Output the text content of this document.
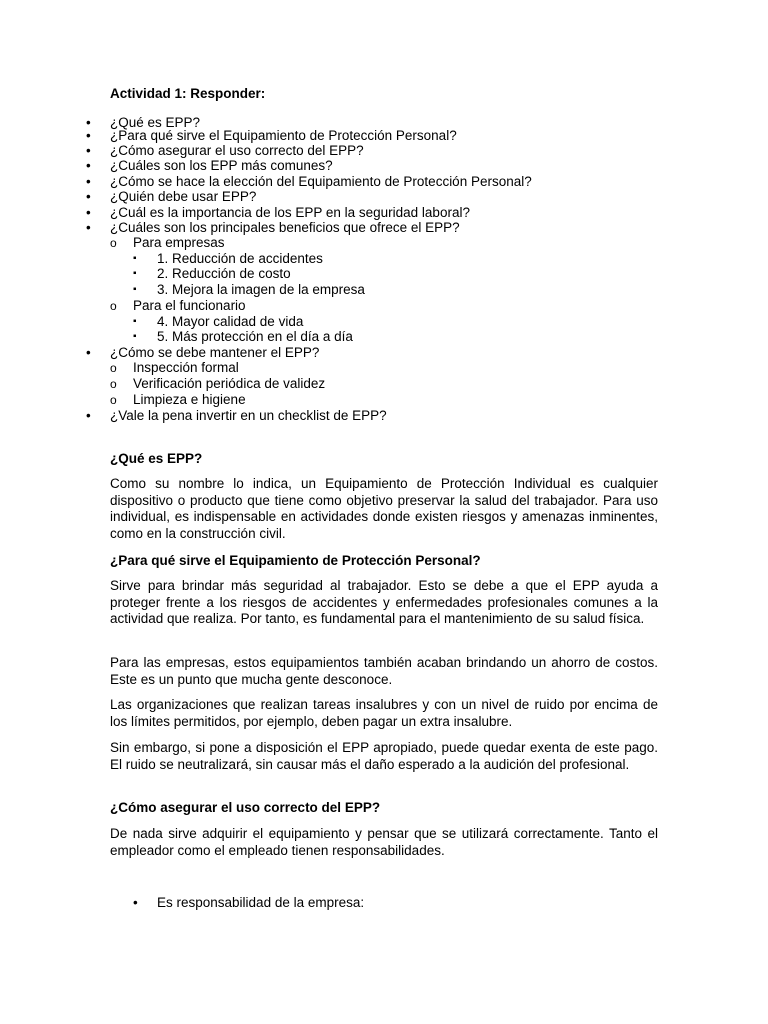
Actividad 1: Responder:
• ¿Qué es EPP?
• ¿Para qué sirve el Equipamiento de Protección Personal?
• ¿Cómo asegurar el uso correcto del EPP?
• ¿Cuáles son los EPP más comunes?
• ¿Cómo se hace la elección del Equipamiento de Protección Personal?
• ¿Quién debe usar EPP?
• ¿Cuál es la importancia de los EPP en la seguridad laboral?
• ¿Cuáles son los principales beneficios que ofrece el EPP?
o Para empresas
▪ 1. Reducción de accidentes
▪ 2. Reducción de costo
▪ 3. Mejora la imagen de la empresa
o Para el funcionario
▪ 4. Mayor calidad de vida
▪ 5. Más protección en el día a día
• ¿Cómo se debe mantener el EPP?
o Inspección formal
o Verificación periódica de validez
o Limpieza e higiene
• ¿Vale la pena invertir en un checklist de EPP?
¿Qué es EPP?

Como su nombre lo indica, un Equipamiento de Protección Individual es cualquier dispositivo o producto que tiene como objetivo preservar la salud del trabajador. Para uso individual, es indispensable en actividades donde existen riesgos y amenazas inminentes, como en la construcción civil.

¿Para qué sirve el Equipamiento de Protección Personal?

Sirve para brindar más seguridad al trabajador. Esto se debe a que el EPP ayuda a proteger frente a los riesgos de accidentes y enfermedades profesionales comunes a la actividad que realiza. Por tanto, es fundamental para el mantenimiento de su salud física.

Para las empresas, estos equipamientos también acaban brindando un ahorro de costos. Este es un punto que mucha gente desconoce.

Las organizaciones que realizan tareas insalubres y con un nivel de ruido por encima de los límites permitidos, por ejemplo, deben pagar un extra insalubre.

Sin embargo, si pone a disposición el EPP apropiado, puede quedar exenta de este pago. El ruido se neutralizará, sin causar más el daño esperado a la audición del profesional.

¿Cómo asegurar el uso correcto del EPP?

De nada sirve adquirir el equipamiento y pensar que se utilizará correctamente. Tanto el empleador como el empleado tienen responsabilidades.

• Es responsabilidad de la empresa:
